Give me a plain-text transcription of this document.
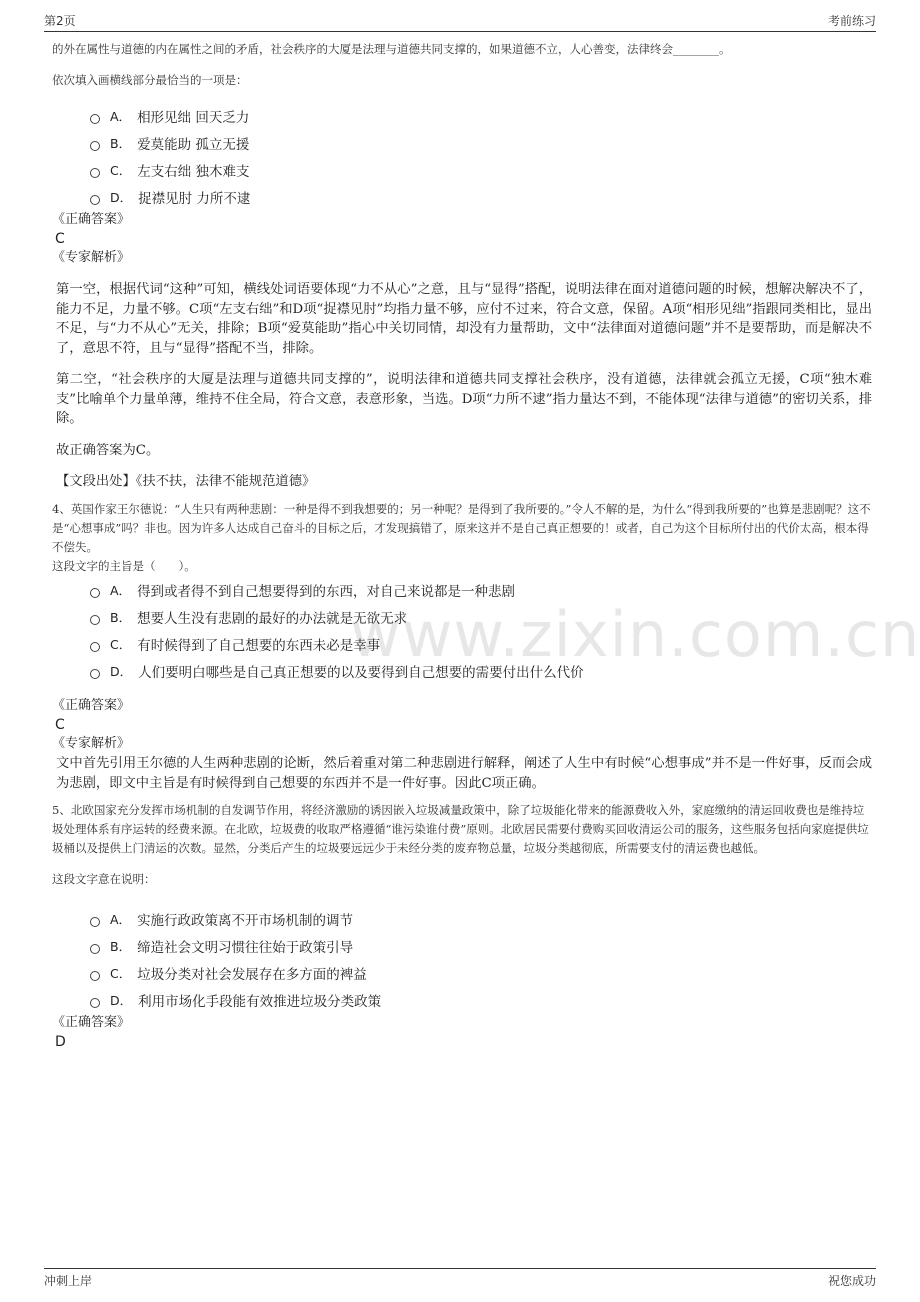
第2页	考前练习
www.zixin.com.cn

的外在属性与道德的内在属性之间的矛盾，社会秩序的大厦是法理与道德共同支撑的，如果道德不立，人心善变，法律终会________。

依次填入画横线部分最恰当的一项是：

A． 相形见绌 回天乏力
B． 爱莫能助 孤立无援
C． 左支右绌 独木难支
D． 捉襟见肘 力所不逮

《正确答案》

C

《专家解析》

第一空，根据代词“这种”可知，横线处词语要体现“力不从心”之意，且与“显得”搭配，说明法律在面对道德问题的时候，想解决解决不了，能力不足，力量不够。C项“左支右绌”和D项“捉襟见肘”均指力量不够，应付不过来，符合文意，保留。A项“相形见绌”指跟同类相比，显出不足，与“力不从心”无关，排除；B项“爱莫能助”指心中关切同情，却没有力量帮助，文中“法律面对道德问题”并不是要帮助，而是解决不了，意思不符，且与“显得”搭配不当，排除。

第二空，“社会秩序的大厦是法理与道德共同支撑的”，说明法律和道德共同支撑社会秩序，没有道德，法律就会孤立无援，C项“独木难支”比喻单个力量单薄，维持不住全局，符合文意，表意形象，当选。D项“力所不逮”指力量达不到，不能体现“法律与道德”的密切关系，排除。

故正确答案为C。

【文段出处】《扶不扶，法律不能规范道德》

4、英国作家王尔德说：“人生只有两种悲剧：一种是得不到我想要的；另一种呢？是得到了我所要的。”令人不解的是，为什么“得到我所要的”也算是悲剧呢？这不是“心想事成”吗？非也。因为许多人达成自己奋斗的目标之后，才发现搞错了，原来这并不是自己真正想要的！或者，自己为这个目标所付出的代价太高，根本得不偿失。

这段文字的主旨是（　　）。

A． 得到或者得不到自己想要得到的东西，对自己来说都是一种悲剧
B． 想要人生没有悲剧的最好的办法就是无欲无求
C． 有时候得到了自己想要的东西未必是幸事
D． 人们要明白哪些是自己真正想要的以及要得到自己想要的需要付出什么代价

《正确答案》

C

《专家解析》

文中首先引用王尔德的人生两种悲剧的论断，然后着重对第二种悲剧进行解释，阐述了人生中有时候“心想事成”并不是一件好事，反而会成为悲剧，即文中主旨是有时候得到自己想要的东西并不是一件好事。因此C项正确。

5、北欧国家充分发挥市场机制的自发调节作用，将经济激励的诱因嵌入垃圾减量政策中，除了垃圾能化带来的能源费收入外，家庭缴纳的清运回收费也是维持垃圾处理体系有序运转的经费来源。在北欧，垃圾费的收取严格遵循“谁污染谁付费”原则。北欧居民需要付费购买回收清运公司的服务，这些服务包括向家庭提供垃圾桶以及提供上门清运的次数。显然，分类后产生的垃圾要远远少于未经分类的废弃物总量，垃圾分类越彻底，所需要支付的清运费也越低。

这段文字意在说明：

A． 实施行政政策离不开市场机制的调节
B． 缔造社会文明习惯往往始于政策引导
C． 垃圾分类对社会发展存在多方面的裨益
D． 利用市场化手段能有效推进垃圾分类政策

《正确答案》

D

冲刺上岸	祝您成功
